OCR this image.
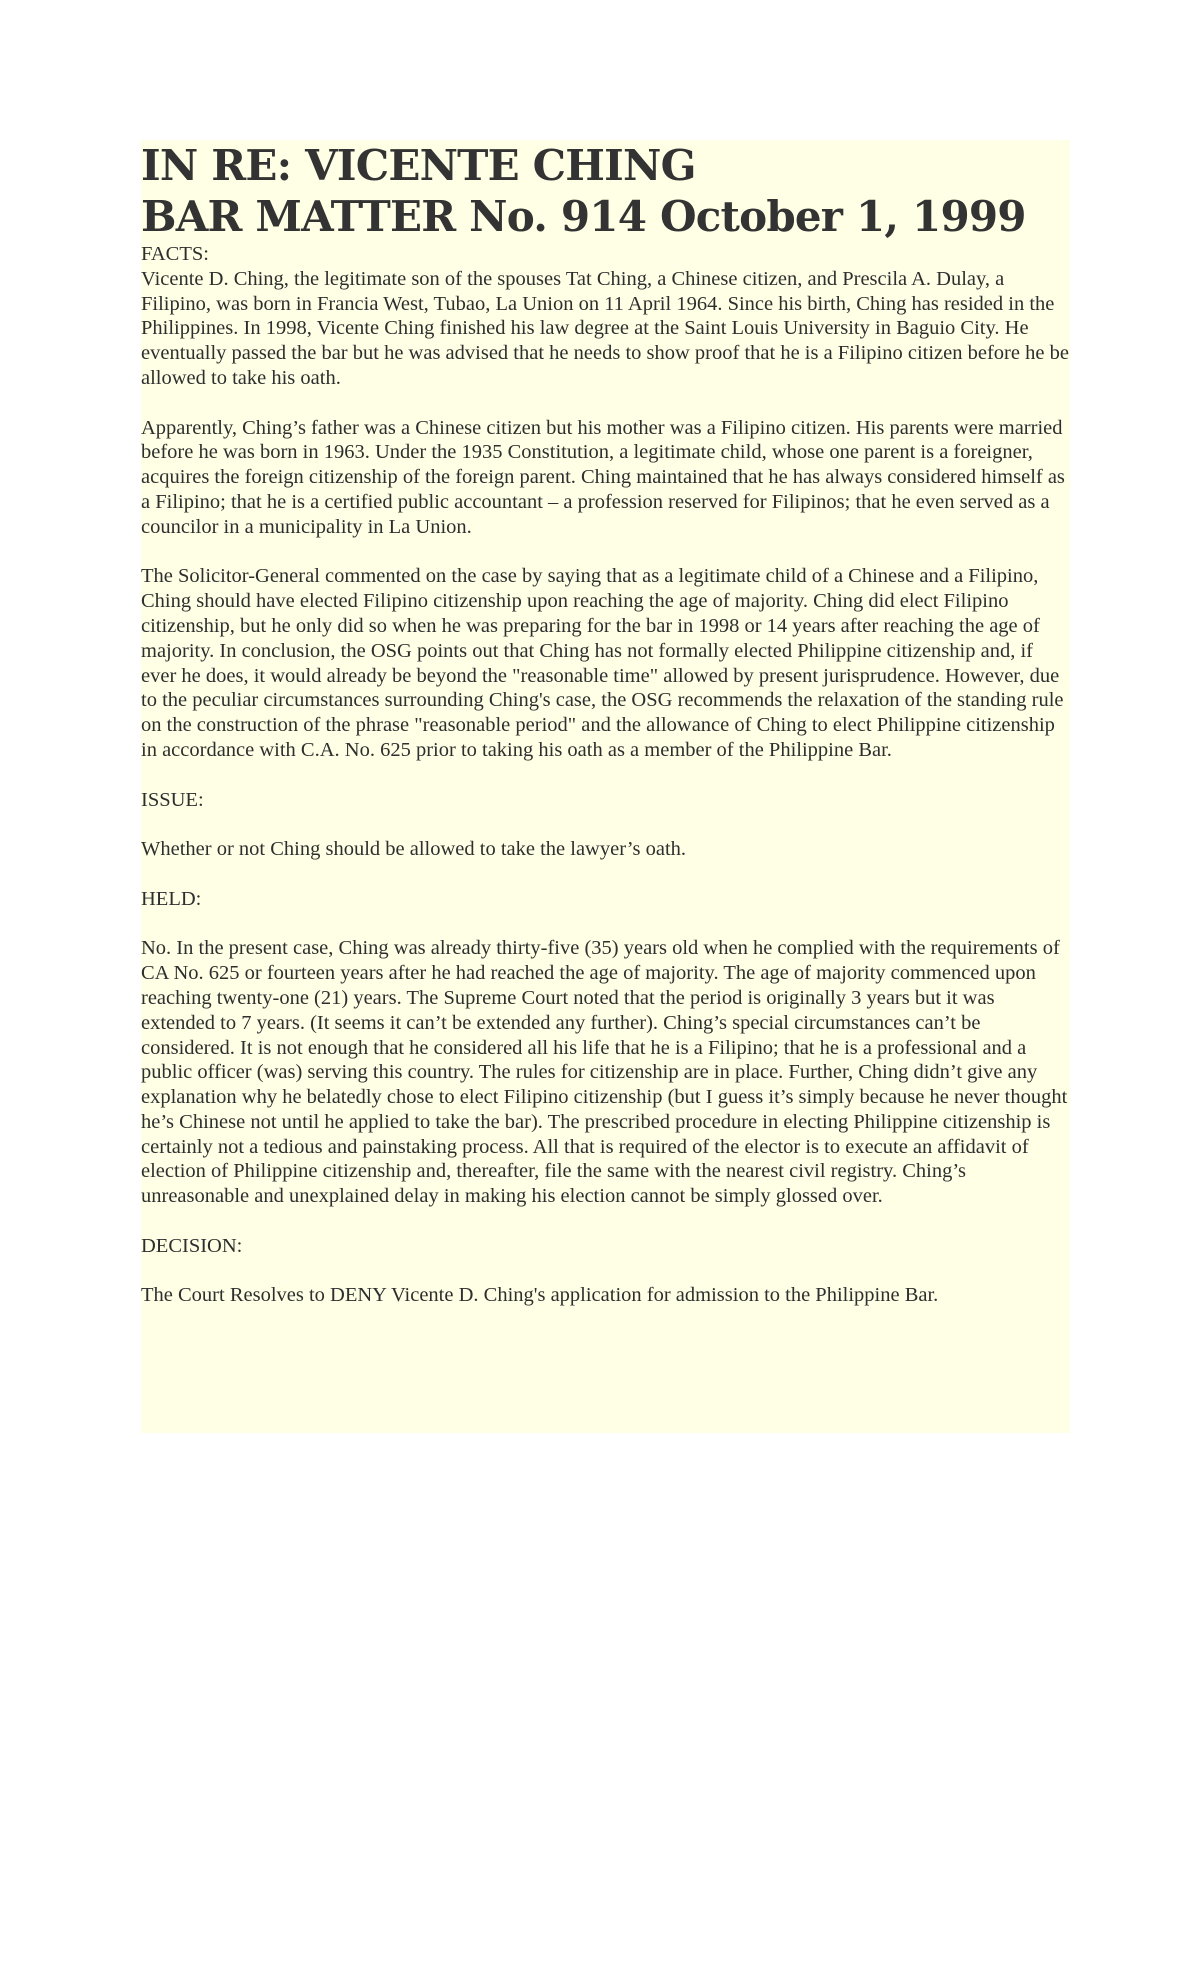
IN RE: VICENTE CHING
BAR MATTER No. 914 October 1, 1999

FACTS:

Vicente D. Ching, the legitimate son of the spouses Tat Ching, a Chinese citizen, and Prescila A. Dulay, a Filipino, was born in Francia West, Tubao, La Union on 11 April 1964. Since his birth, Ching has resided in the Philippines. In 1998, Vicente Ching finished his law degree at the Saint Louis University in Baguio City. He eventually passed the bar but he was advised that he needs to show proof that he is a Filipino citizen before he be allowed to take his oath.

Apparently, Ching’s father was a Chinese citizen but his mother was a Filipino citizen. His parents were married before he was born in 1963. Under the 1935 Constitution, a legitimate child, whose one parent is a foreigner, acquires the foreign citizenship of the foreign parent. Ching maintained that he has always considered himself as a Filipino; that he is a certified public accountant – a profession reserved for Filipinos; that he even served as a councilor in a municipality in La Union.

The Solicitor-General commented on the case by saying that as a legitimate child of a Chinese and a Filipino, Ching should have elected Filipino citizenship upon reaching the age of majority. Ching did elect Filipino citizenship, but he only did so when he was preparing for the bar in 1998 or 14 years after reaching the age of majority. In conclusion, the OSG points out that Ching has not formally elected Philippine citizenship and, if ever he does, it would already be beyond the "reasonable time" allowed by present jurisprudence. However, due to the peculiar circumstances surrounding Ching's case, the OSG recommends the relaxation of the standing rule on the construction of the phrase "reasonable period" and the allowance of Ching to elect Philippine citizenship in accordance with C.A. No. 625 prior to taking his oath as a member of the Philippine Bar.

ISSUE:

Whether or not Ching should be allowed to take the lawyer’s oath.

HELD:

No. In the present case, Ching was already thirty-five (35) years old when he complied with the requirements of CA No. 625 or fourteen years after he had reached the age of majority. The age of majority commenced upon reaching twenty-one (21) years. The Supreme Court noted that the period is originally 3 years but it was extended to 7 years. (It seems it can’t be extended any further). Ching’s special circumstances can’t be considered. It is not enough that he considered all his life that he is a Filipino; that he is a professional and a public officer (was) serving this country. The rules for citizenship are in place. Further, Ching didn’t give any explanation why he belatedly chose to elect Filipino citizenship (but I guess it’s simply because he never thought he’s Chinese not until he applied to take the bar). The prescribed procedure in electing Philippine citizenship is certainly not a tedious and painstaking process. All that is required of the elector is to execute an affidavit of election of Philippine citizenship and, thereafter, file the same with the nearest civil registry. Ching’s unreasonable and unexplained delay in making his election cannot be simply glossed over.

DECISION:

The Court Resolves to DENY Vicente D. Ching's application for admission to the Philippine Bar.
